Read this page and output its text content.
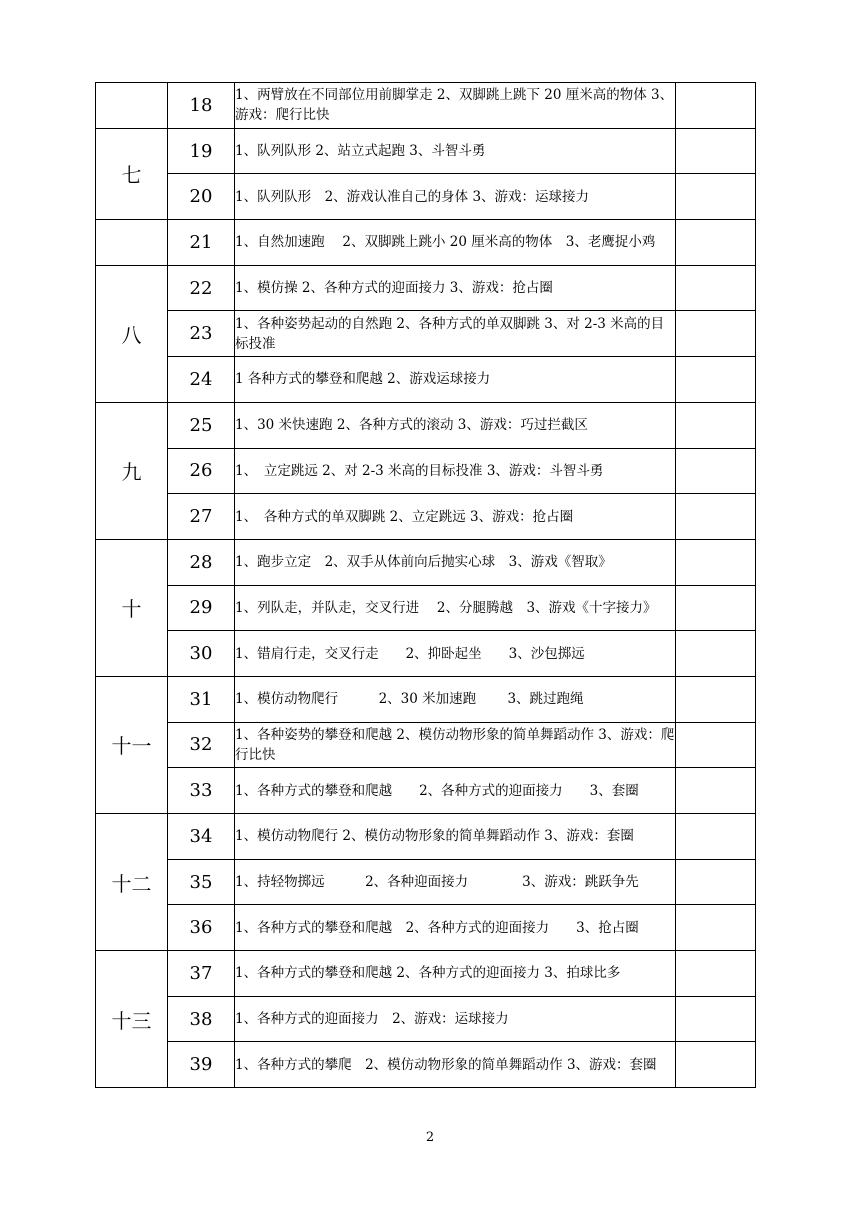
	18	1、两臂放在不同部位用前脚掌走 2、双脚跳上跳下 20 厘米高的物体 3、游戏：爬行比快	
七	19	1、队列队形 2、站立式起跑 3、斗智斗勇	
	20	1、队列队形　2、游戏认准自己的身体 3、游戏：运球接力	
	21	1、自然加速跑　 2、双脚跳上跳小 20 厘米高的物体　3、老鹰捉小鸡	
八	22	1、模仿操 2、各种方式的迎面接力 3、游戏：抢占圈	
	23	1、各种姿势起动的自然跑 2、各种方式的单双脚跳 3、对 2-3 米高的目标投准	
	24	1 各种方式的攀登和爬越 2、游戏运球接力	
九	25	1、30 米快速跑 2、各种方式的滚动 3、游戏：巧过拦截区	
	26	1、　立定跳远 2、对 2-3 米高的目标投准 3、游戏：斗智斗勇	
	27	1、　各种方式的单双脚跳 2、立定跳远 3、游戏：抢占圈	
十	28	1、跑步立定　2、双手从体前向后抛实心球　3、游戏《智取》	
	29	1、列队走，并队走，交叉行进　 2、分腿腾越　3、游戏《十字接力》	
	30	1、错肩行走，交叉行走　　2、抑卧起坐　　3、沙包掷远	
十一	31	1、模仿动物爬行　　　2、30 米加速跑　　 3、跳过跑绳	
	32	1、各种姿势的攀登和爬越 2、模仿动物形象的简单舞蹈动作 3、游戏：爬行比快	
	33	1、各种方式的攀登和爬越　　2、各种方式的迎面接力　　3、套圈	
十二	34	1、模仿动物爬行 2、模仿动物形象的简单舞蹈动作 3、游戏：套圈	
	35	1、持轻物掷远　　　2、各种迎面接力　　　　3、游戏：跳跃争先	
	36	1、各种方式的攀登和爬越　2、各种方式的迎面接力　　3、抢占圈	
十三	37	1、各种方式的攀登和爬越 2、各种方式的迎面接力 3、拍球比多	
	38	1、各种方式的迎面接力　2、游戏：运球接力	
	39	1、各种方式的攀爬　2、模仿动物形象的简单舞蹈动作 3、游戏：套圈	
2
